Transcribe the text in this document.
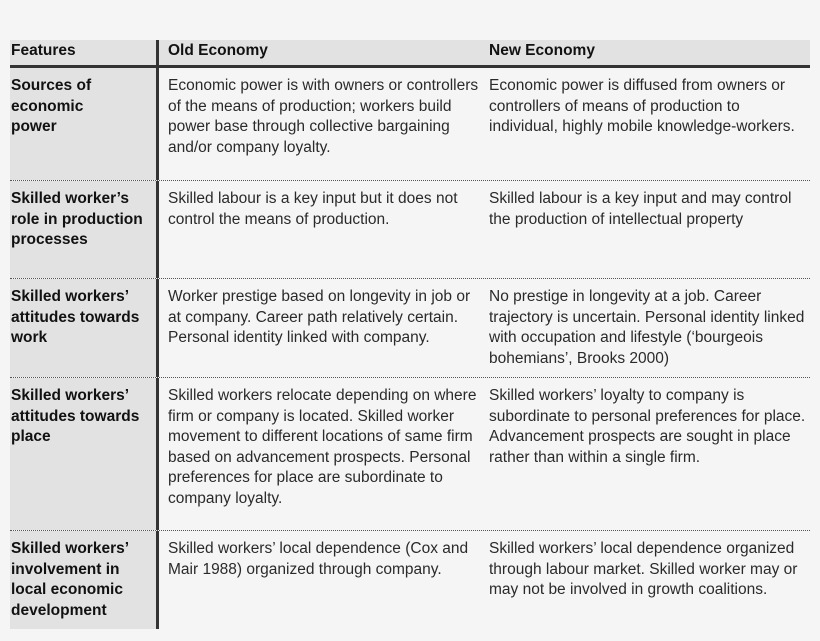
Features	Old Economy	New Economy
Sources of economic power
Economic power is with owners or controllers of the means of production; workers build power base through collective bargaining and/or company loyalty.
Economic power is diffused from owners or controllers of means of production to individual, highly mobile knowledge-workers.
Skilled worker’s role in production processes
Skilled labour is a key input but it does not control the means of production.
Skilled labour is a key input and may control the production of intellectual property
Skilled workers’ attitudes towards work
Worker prestige based on longevity in job or at company. Career path relatively certain. Personal identity linked with company.
No prestige in longevity at a job. Career trajectory is uncertain. Personal identity linked with occupation and lifestyle (‘bourgeois bohemians’, Brooks 2000)
Skilled workers’ attitudes towards place
Skilled workers relocate depending on where firm or company is located. Skilled worker movement to different locations of same firm based on advancement prospects. Personal preferences for place are subordinate to company loyalty.
Skilled workers’ loyalty to company is subordinate to personal preferences for place. Advancement prospects are sought in place rather than within a single firm.
Skilled workers’ involvement in local economic development
Skilled workers’ local dependence (Cox and Mair 1988) organized through company.
Skilled workers’ local dependence organized through labour market. Skilled worker may or may not be involved in growth coalitions.
